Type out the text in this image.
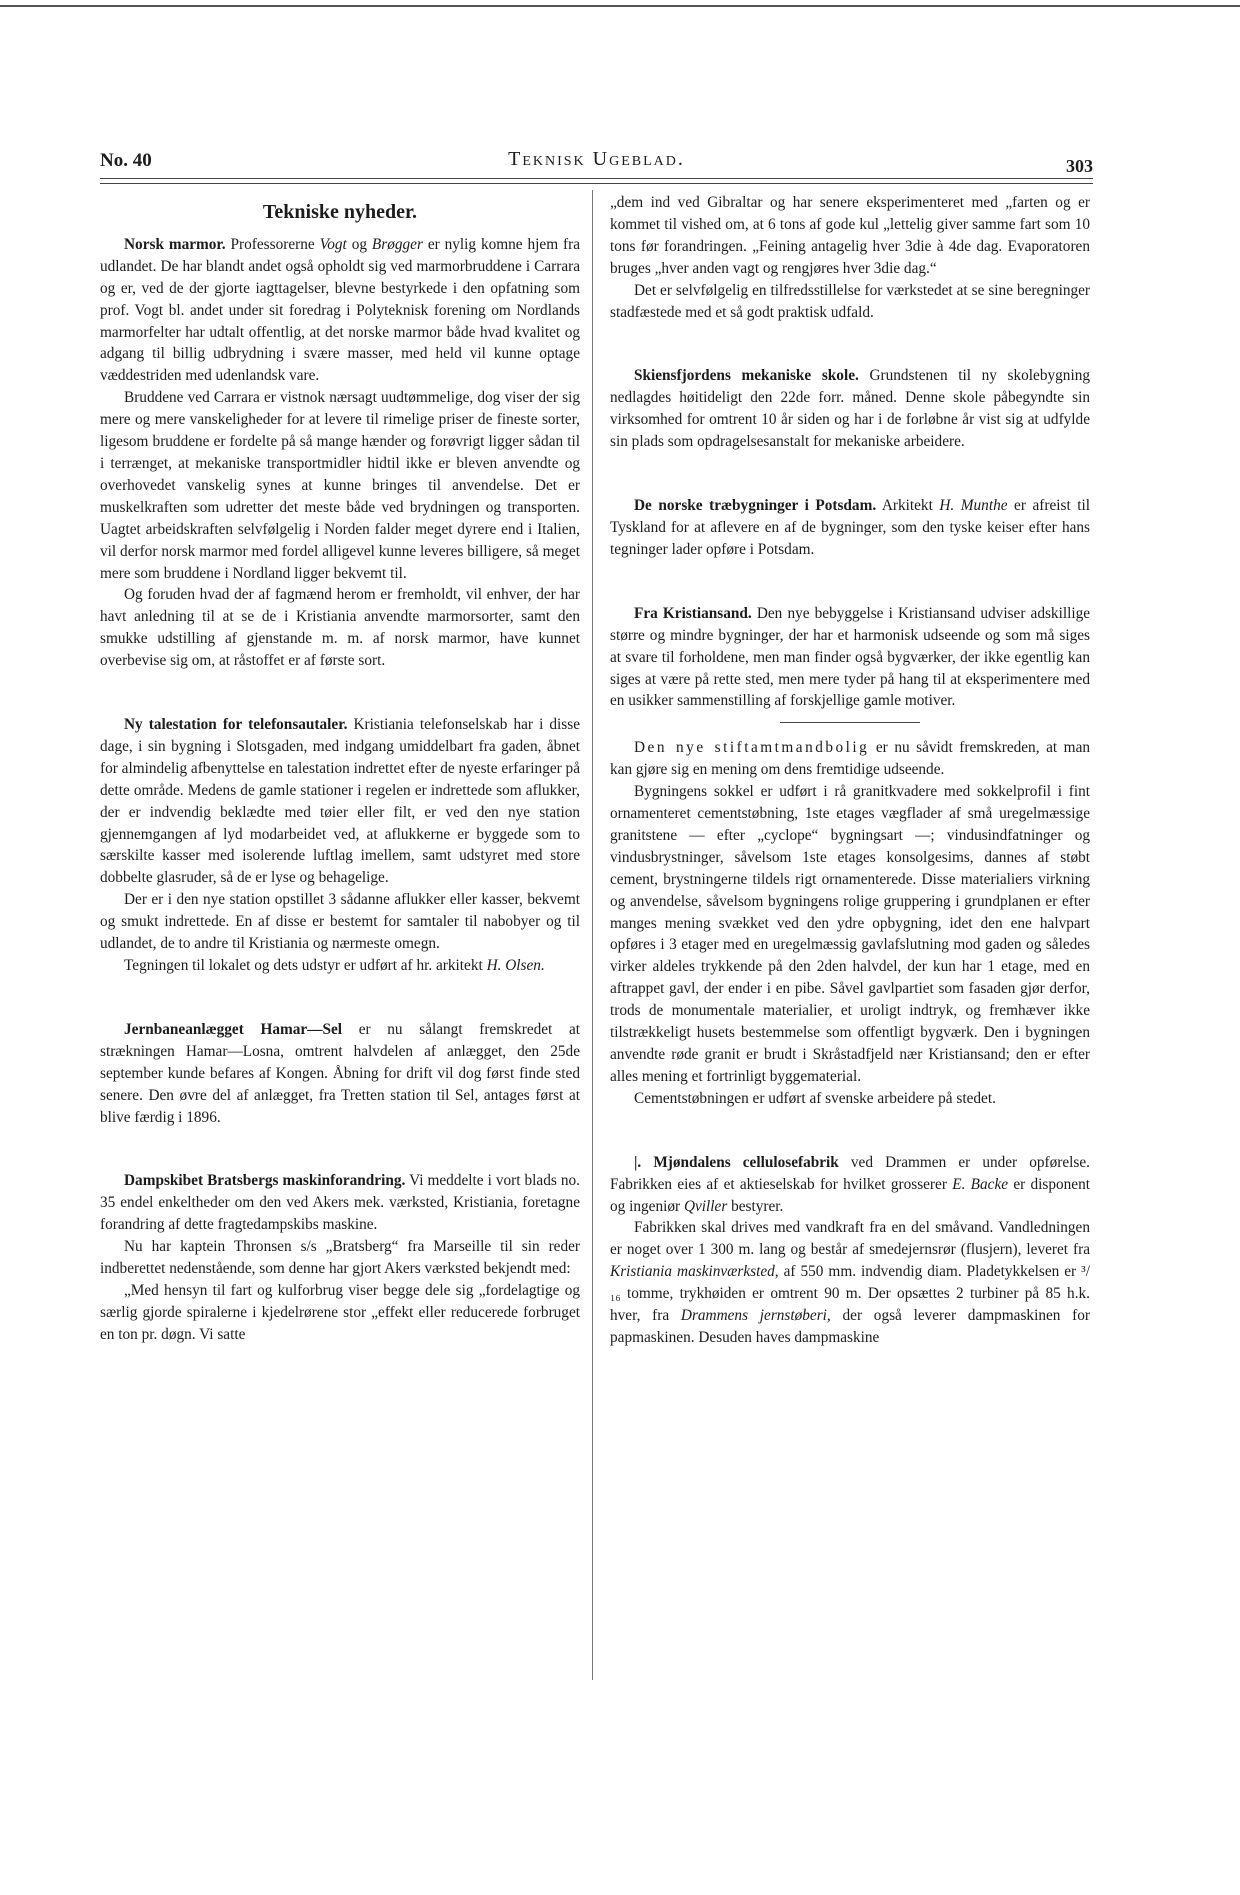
No. 40	Teknisk Ugeblad.	303
Tekniske nyheder.

Norsk marmor. Professorerne Vogt og Brøgger er nylig komne hjem fra udlandet. De har blandt andet også opholdt sig ved marmorbruddene i Carrara og er, ved de der gjorte iagttagelser, blevne bestyrkede i den opfatning som prof. Vogt bl. andet under sit foredrag i Polyteknisk forening om Nordlands marmorfelter har udtalt offentlig, at det norske marmor både hvad kvalitet og adgang til billig udbrydning i svære masser, med held vil kunne optage væddestriden med udenlandsk vare.

Bruddene ved Carrara er vistnok nærsagt uudtømmelige, dog viser der sig mere og mere vanskeligheder for at levere til rimelige priser de fineste sorter, ligesom bruddene er fordelte på så mange hænder og forøvrigt ligger sådan til i terrænget, at mekaniske transportmidler hidtil ikke er bleven anvendte og overhovedet vanskelig synes at kunne bringes til anvendelse. Det er muskelkraften som udretter det meste både ved brydningen og transporten. Uagtet arbeidskraften selvfølgelig i Norden falder meget dyrere end i Italien, vil derfor norsk marmor med fordel alligevel kunne leveres billigere, så meget mere som bruddene i Nordland ligger bekvemt til.

Og foruden hvad der af fagmænd herom er fremholdt, vil enhver, der har havt anledning til at se de i Kristiania anvendte marmorsorter, samt den smukke udstilling af gjenstande m. m. af norsk marmor, have kunnet overbevise sig om, at råstoffet er af første sort.

Ny talestation for telefonsautaler. Kristiania telefonselskab har i disse dage, i sin bygning i Slotsgaden, med indgang umiddelbart fra gaden, åbnet for almindelig afbenyttelse en talestation indrettet efter de nyeste erfaringer på dette område. Medens de gamle stationer i regelen er indrettede som aflukker, der er indvendig beklædte med tøier eller filt, er ved den nye station gjennemgangen af lyd modarbeidet ved, at aflukkerne er byggede som to særskilte kasser med isolerende luftlag imellem, samt udstyret med store dobbelte glasruder, så de er lyse og behagelige.

Der er i den nye station opstillet 3 sådanne aflukker eller kasser, bekvemt og smukt indrettede. En af disse er bestemt for samtaler til nabobyer og til udlandet, de to andre til Kristiania og nærmeste omegn.

Tegningen til lokalet og dets udstyr er udført af hr. arkitekt H. Olsen.

Jernbaneanlægget Hamar—Sel er nu sålangt fremskredet at strækningen Hamar—Losna, omtrent halvdelen af anlægget, den 25de september kunde befares af Kongen. Åbning for drift vil dog først finde sted senere. Den øvre del af anlægget, fra Tretten station til Sel, antages først at blive færdig i 1896.

Dampskibet Bratsbergs maskinforandring. Vi meddelte i vort blads no. 35 endel enkeltheder om den ved Akers mek. værksted, Kristiania, foretagne forandring af dette fragtedampskibs maskine.

Nu har kaptein Thronsen s/s „Bratsberg“ fra Marseille til sin reder indberettet nedenstående, som denne har gjort Akers værksted bekjendt med:

„Med hensyn til fart og kulforbrug viser begge dele sig „fordelagtige og særlig gjorde spiralerne i kjedelrørene stor „effekt eller reducerede forbruget en ton pr. døgn. Vi satte

„dem ind ved Gibraltar og har senere eksperimenteret med „farten og er kommet til vished om, at 6 tons af gode kul „lettelig giver samme fart som 10 tons før forandringen. „Feining antagelig hver 3die à 4de dag. Evaporatoren bruges „hver anden vagt og rengjøres hver 3die dag.“

Det er selvfølgelig en tilfredsstillelse for værkstedet at se sine beregninger stadfæstede med et så godt praktisk udfald.

Skiensfjordens mekaniske skole. Grundstenen til ny skolebygning nedlagdes høitideligt den 22de forr. måned. Denne skole påbegyndte sin virksomhed for omtrent 10 år siden og har i de forløbne år vist sig at udfylde sin plads som opdragelsesanstalt for mekaniske arbeidere.

De norske træbygninger i Potsdam. Arkitekt H. Munthe er afreist til Tyskland for at aflevere en af de bygninger, som den tyske keiser efter hans tegninger lader opføre i Potsdam.

Fra Kristiansand. Den nye bebyggelse i Kristiansand udviser adskillige større og mindre bygninger, der har et harmonisk udseende og som må siges at svare til forholdene, men man finder også bygværker, der ikke egentlig kan siges at være på rette sted, men mere tyder på hang til at eksperimentere med en usikker sammenstilling af forskjellige gamle motiver.

Den nye stiftamtmandbolig er nu såvidt fremskreden, at man kan gjøre sig en mening om dens fremtidige udseende.

Bygningens sokkel er udført i rå granitkvadere med sokkelprofil i fint ornamenteret cementstøbning, 1ste etages vægflader af små uregelmæssige granitstene — efter „cyclope“ bygningsart —; vindusindfatninger og vindusbrystninger, såvelsom 1ste etages konsolgesims, dannes af støbt cement, brystningerne tildels rigt ornamenterede. Disse materialiers virkning og anvendelse, såvelsom bygningens rolige gruppering i grundplanen er efter manges mening svækket ved den ydre opbygning, idet den ene halvpart opføres i 3 etager med en uregelmæssig gavlafslutning mod gaden og således virker aldeles trykkende på den 2den halvdel, der kun har 1 etage, med en aftrappet gavl, der ender i en pibe. Såvel gavlpartiet som fasaden gjør derfor, trods de monumentale materialier, et uroligt indtryk, og fremhæver ikke tilstrækkeligt husets bestemmelse som offentligt bygværk. Den i bygningen anvendte røde granit er brudt i Skråstadfjeld nær Kristiansand; den er efter alles mening et fortrinligt byggematerial.

Cementstøbningen er udført af svenske arbeidere på stedet.

|. Mjøndalens cellulosefabrik ved Drammen er under opførelse. Fabrikken eies af et aktieselskab for hvilket grosserer E. Backe er disponent og ingeniør Qviller bestyrer.

Fabrikken skal drives med vandkraft fra en del småvand. Vandledningen er noget over 1 300 m. lang og består af smedejernsrør (flusjern), leveret fra Kristiania maskinværksted, af 550 mm. indvendig diam. Pladetykkelsen er ³/₁₆ tomme, trykhøiden er omtrent 90 m. Der opsættes 2 turbiner på 85 h.k. hver, fra Drammens jernstøberi, der også leverer dampmaskinen for papmaskinen. Desuden haves dampmaskine
